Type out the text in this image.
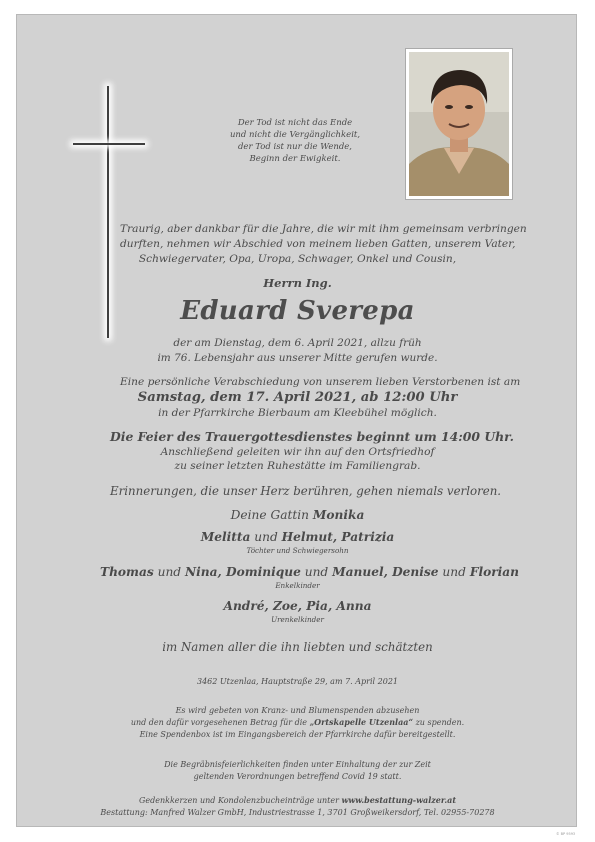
Der Tod ist nicht das Ende
und nicht die Vergänglichkeit,
der Tod ist nur die Wende,
Beginn der Ewigkeit.
Traurig, aber dankbar für die Jahre, die wir mit ihm gemeinsam verbringen
durften, nehmen wir Abschied von meinem lieben Gatten, unserem Vater,
Schwiegervater, Opa, Uropa, Schwager, Onkel und Cousin,
Herrn Ing.
Eduard Sverepa
der am Dienstag, dem 6. April 2021, allzu früh
im 76. Lebensjahr aus unserer Mitte gerufen wurde.
Eine persönliche Verabschiedung von unserem lieben Verstorbenen ist am
Samstag, dem 17. April 2021, ab 12:00 Uhr
in der Pfarrkirche Bierbaum am Kleebühel möglich.
Die Feier des Trauergottesdienstes beginnt um 14:00 Uhr.
Anschließend geleiten wir ihn auf den Ortsfriedhof
zu seiner letzten Ruhestätte im Familiengrab.
Erinnerungen, die unser Herz berühren, gehen niemals verloren.
Deine Gattin Monika
Melitta und Helmut, Patrizia
Töchter und Schwiegersohn
Thomas und Nina, Dominique und Manuel, Denise und Florian
Enkelkinder
André, Zoe, Pia, Anna
Urenkelkinder
im Namen aller die ihn liebten und schätzten
3462 Utzenlaa, Hauptstraße 29, am 7. April 2021
Es wird gebeten von Kranz- und Blumenspenden abzusehen
und den dafür vorgesehenen Betrag für die „Ortskapelle Utzenlaa“ zu spenden.
Eine Spendenbox ist im Eingangsbereich der Pfarrkirche dafür bereitgestellt.
Die Begräbnisfeierlichkeiten finden unter Einhaltung der zur Zeit
geltenden Verordnungen betreffend Covid 19 statt.
Gedenkkerzen und Kondolenzbucheinträge unter www.bestattung-walzer.at
Bestattung: Manfred Walzer GmbH, Industriestrasse 1, 3701 Großweikersdorf, Tel. 02955-70278
© BP 9593
